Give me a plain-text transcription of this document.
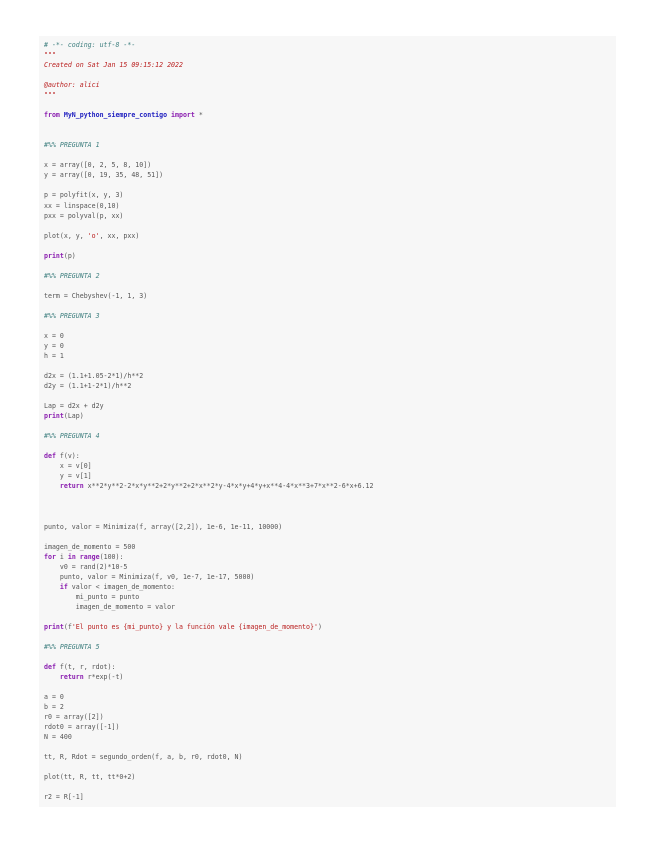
# -*- coding: utf-8 -*-
"""
Created on Sat Jan 15 09:15:12 2022

@author: alici
"""

from MyN_python_siempre_contigo import *

#%% PREGUNTA 1

x = array([0, 2, 5, 8, 10])
y = array([0, 19, 35, 48, 51])

p = polyfit(x, y, 3)
xx = linspace(0,10)
pxx = polyval(p, xx)

plot(x, y, 'o', xx, pxx)

print(p)

#%% PREGUNTA 2

term = Chebyshev(-1, 1, 3)

#%% PREGUNTA 3

x = 0
y = 0
h = 1

d2x = (1.1+1.05-2*1)/h**2
d2y = (1.1+1-2*1)/h**2

Lap = d2x + d2y
print(Lap)

#%% PREGUNTA 4

def f(v):
x = v[0]
y = v[1]
return x**2*y**2-2*x*y**2+2*y**2+2*x**2*y-4*x*y+4*y+x**4-4*x**3+7*x**2-6*x+6.12

punto, valor = Minimiza(f, array([2,2]), 1e-6, 1e-11, 10000)

imagen_de_momento = 500
for i in range(100):
v0 = rand(2)*10-5
punto, valor = Minimiza(f, v0, 1e-7, 1e-17, 5000)
if valor < imagen_de_momento:
mi_punto = punto
imagen_de_momento = valor

print(f'El punto es {mi_punto} y la función vale {imagen_de_momento}')

#%% PREGUNTA 5

def f(t, r, rdot):
return r*exp(-t)

a = 0
b = 2
r0 = array([2])
rdot0 = array([-1])
N = 400

tt, R, Rdot = segundo_orden(f, a, b, r0, rdot0, N)

plot(tt, R, tt, tt*0+2)

r2 = R[-1]
